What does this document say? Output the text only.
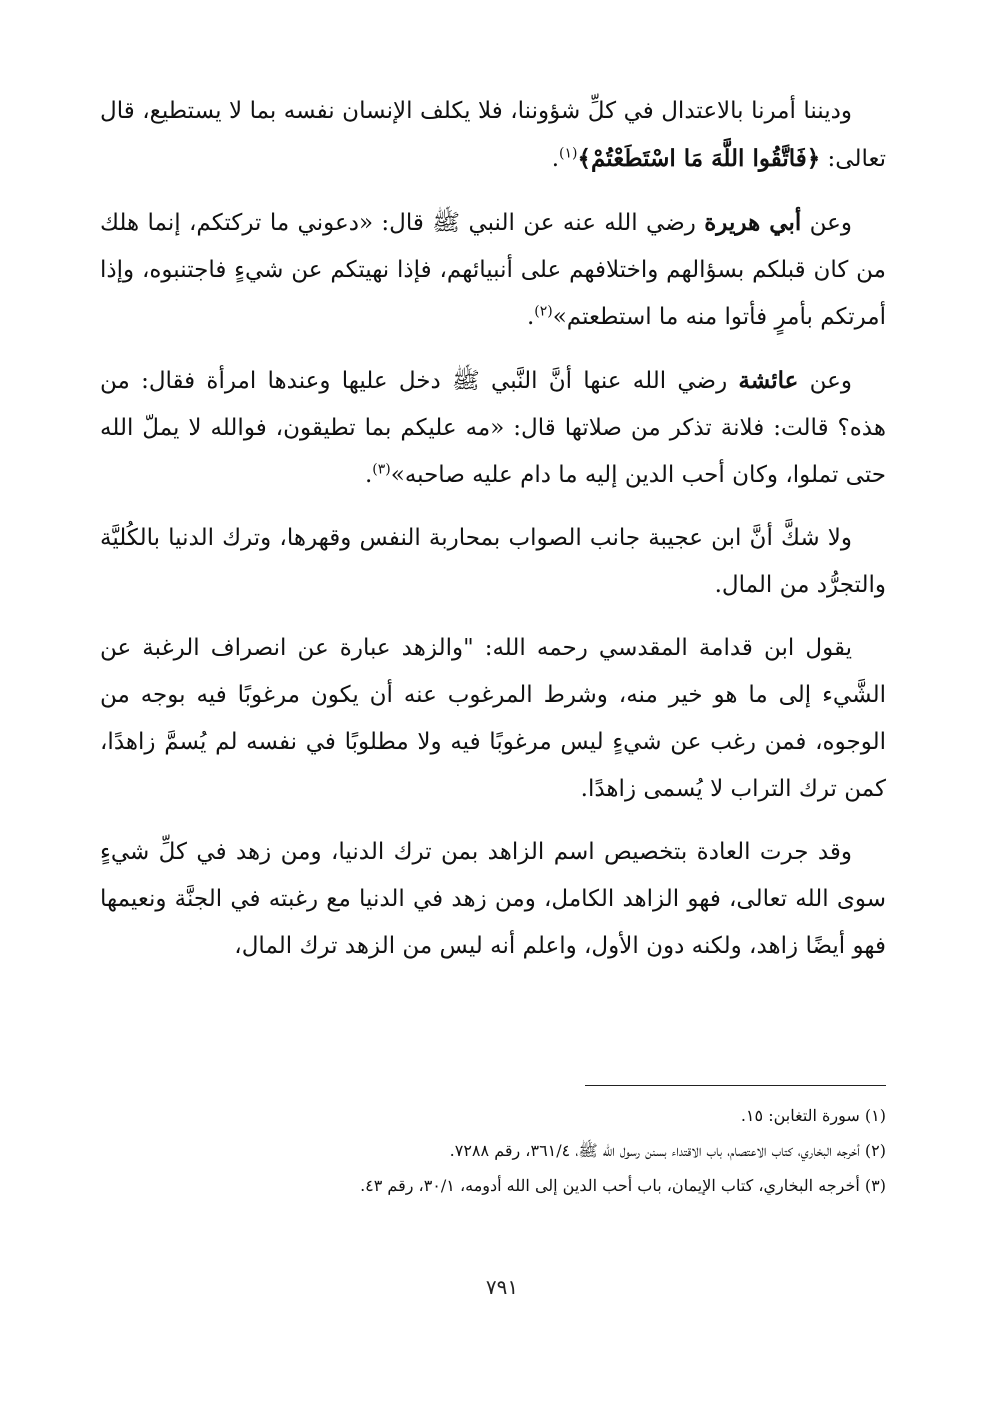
وديننا أمرنا بالاعتدال في كلِّ شؤوننا، فلا يكلف الإنسان نفسه بما لا يستطيع، قال تعالى: ﴿فَاتَّقُوا اللَّهَ مَا اسْتَطَعْتُمْ﴾$^{(١)}$.

وعن أبي هريرة رضي الله عنه عن النبي ﷺ قال: «دعوني ما تركتكم، إنما هلك من كان قبلكم بسؤالهم واختلافهم على أنبيائهم، فإذا نهيتكم عن شيءٍ فاجتنبوه، وإذا أمرتكم بأمرٍ فأتوا منه ما استطعتم»$^{(٢)}$.

وعن عائشة رضي الله عنها أنَّ النَّبي ﷺ دخل عليها وعندها امرأة فقال: من هذه؟ قالت: فلانة تذكر من صلاتها قال: «مه عليكم بما تطيقون، فوالله لا يملّ الله حتى تملوا، وكان أحب الدين إليه ما دام عليه صاحبه»$^{(٣)}$.

ولا شكَّ أنَّ ابن عجيبة جانب الصواب بمحاربة النفس وقهرها، وترك الدنيا بالكُليَّة والتجرُّد من المال.

يقول ابن قدامة المقدسي رحمه الله: "والزهد عبارة عن انصراف الرغبة عن الشَّيء إلى ما هو خير منه، وشرط المرغوب عنه أن يكون مرغوبًا فيه بوجه من الوجوه، فمن رغب عن شيءٍ ليس مرغوبًا فيه ولا مطلوبًا في نفسه لم يُسمَّ زاهدًا، كمن ترك التراب لا يُسمى زاهدًا.

وقد جرت العادة بتخصيص اسم الزاهد بمن ترك الدنيا، ومن زهد في كلِّ شيءٍ سوى الله تعالى، فهو الزاهد الكامل، ومن زهد في الدنيا مع رغبته في الجنَّة ونعيمها فهو أيضًا زاهد، ولكنه دون الأول، واعلم أنه ليس من الزهد ترك المال،

(١) سورة التغابن: ١٥.

(٢) أخرجه البخاري، كتاب الاعتصام، باب الاقتداء بسنن رسول الله ﷺ، ٣٦١/٤، رقم ٧٢٨٨.

(٣) أخرجه البخاري، كتاب الإيمان، باب أحب الدين إلى الله أدومه، ٣٠/١، رقم ٤٣.

٧٩١
